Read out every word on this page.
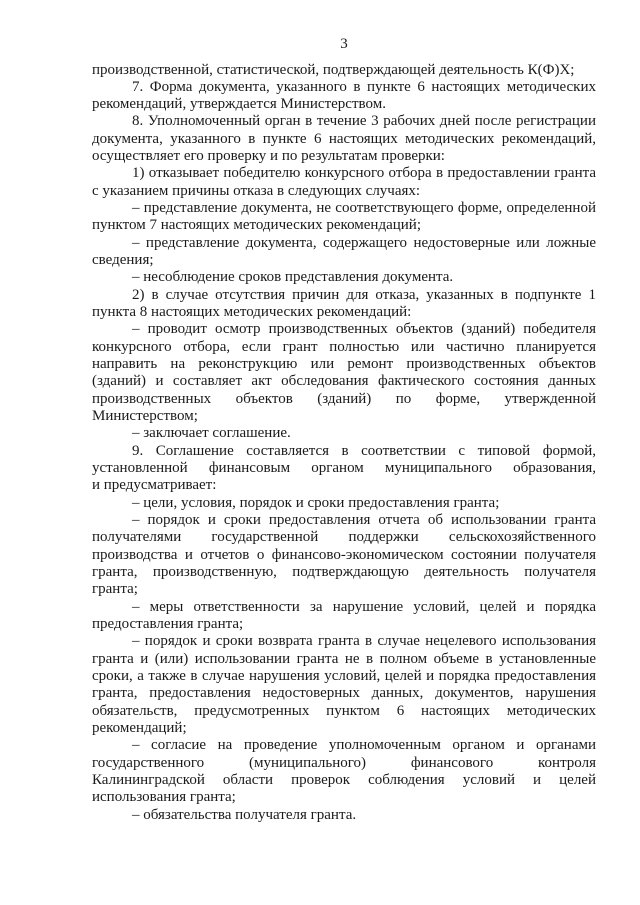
3
производственной, статистической, подтверждающей деятельность К(Ф)Х;
7. Форма документа, указанного в пункте 6 настоящих методических
рекомендаций, утверждается Министерством.
8. Уполномоченный орган в течение 3 рабочих дней после регистрации
документа, указанного в пункте 6 настоящих методических рекомендаций,
осуществляет его проверку и по результатам проверки:
1) отказывает победителю конкурсного отбора в предоставлении гранта
с указанием причины отказа в следующих случаях:
– представление документа, не соответствующего форме, определенной
пунктом 7 настоящих методических рекомендаций;
– представление документа, содержащего недостоверные или ложные
сведения;
– несоблюдение сроков представления документа.
2) в случае отсутствия причин для отказа, указанных в подпункте 1
пункта 8 настоящих методических рекомендаций:
– проводит осмотр производственных объектов (зданий) победителя
конкурсного отбора, если грант полностью или частично планируется
направить на реконструкцию или ремонт производственных объектов
(зданий) и составляет акт обследования фактического состояния данных
производственных объектов (зданий) по форме, утвержденной
Министерством;
– заключает соглашение.
9. Соглашение составляется в соответствии с типовой формой,
установленной финансовым органом муниципального образования,
и предусматривает:
– цели, условия, порядок и сроки предоставления гранта;
– порядок и сроки предоставления отчета об использовании гранта
получателями государственной поддержки сельскохозяйственного
производства и отчетов о финансово-экономическом состоянии получателя
гранта, производственную, подтверждающую деятельность получателя
гранта;
– меры ответственности за нарушение условий, целей и порядка
предоставления гранта;
– порядок и сроки возврата гранта в случае нецелевого использования
гранта и (или) использовании гранта не в полном объеме в установленные
сроки, а также в случае нарушения условий, целей и порядка предоставления
гранта, предоставления недостоверных данных, документов, нарушения
обязательств, предусмотренных пунктом 6 настоящих методических
рекомендаций;
– согласие на проведение уполномоченным органом и органами
государственного (муниципального) финансового контроля
Калининградской области проверок соблюдения условий и целей
использования гранта;
– обязательства получателя гранта.
